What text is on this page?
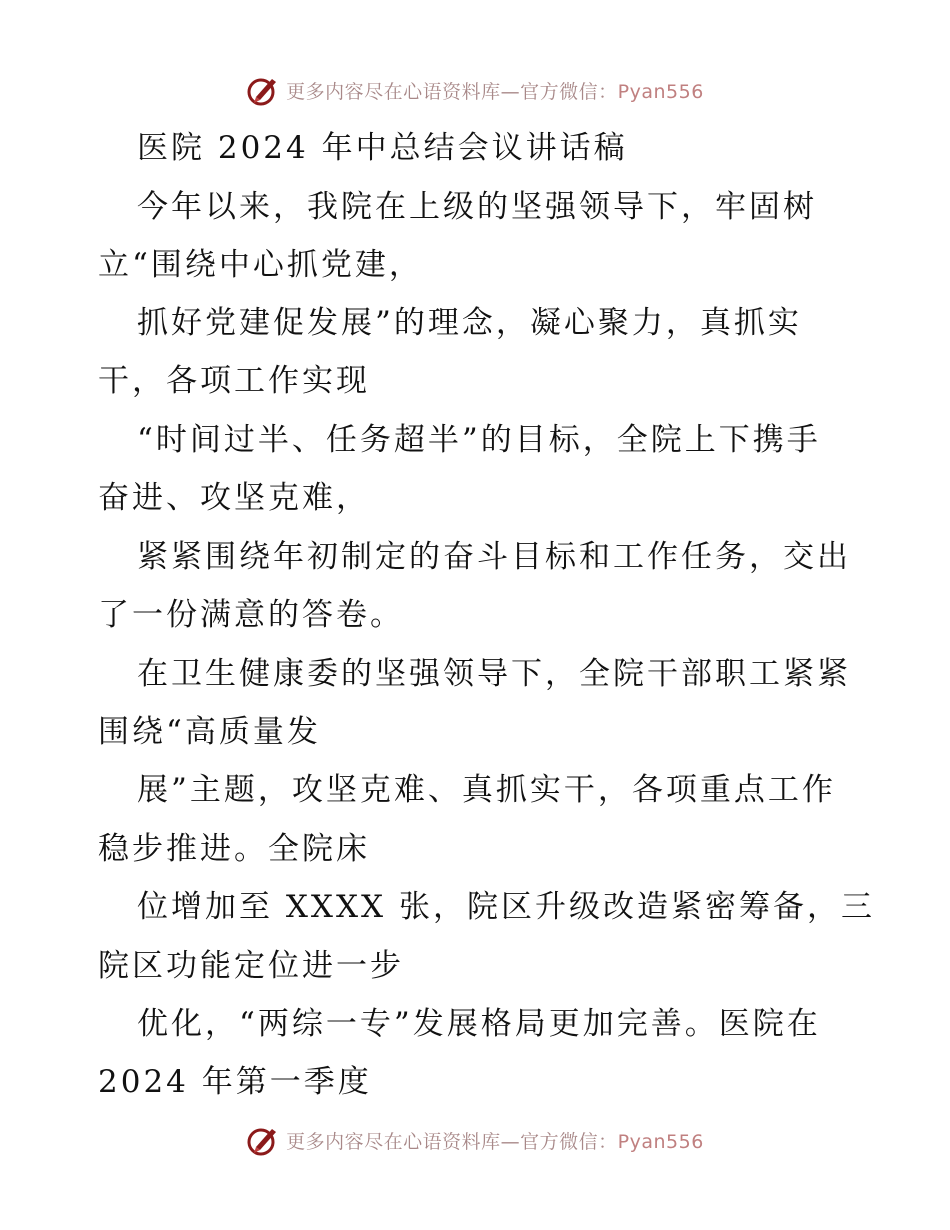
更多内容尽在心语资料库—官方微信：Pyan556
医院 2024 年中总结会议讲话稿
今年以来，我院在上级的坚强领导下，牢固树
立“围绕中心抓党建，
抓好党建促发展”的理念，凝心聚力，真抓实
干，各项工作实现
“时间过半、任务超半”的目标，全院上下携手
奋进、攻坚克难，
紧紧围绕年初制定的奋斗目标和工作任务，交出
了一份满意的答卷。
在卫生健康委的坚强领导下，全院干部职工紧紧
围绕“高质量发
展”主题，攻坚克难、真抓实干，各项重点工作
稳步推进。全院床
位增加至 XXXX 张，院区升级改造紧密筹备，三
院区功能定位进一步
优化，“两综一专”发展格局更加完善。医院在
2024 年第一季度
更多内容尽在心语资料库—官方微信：Pyan556
